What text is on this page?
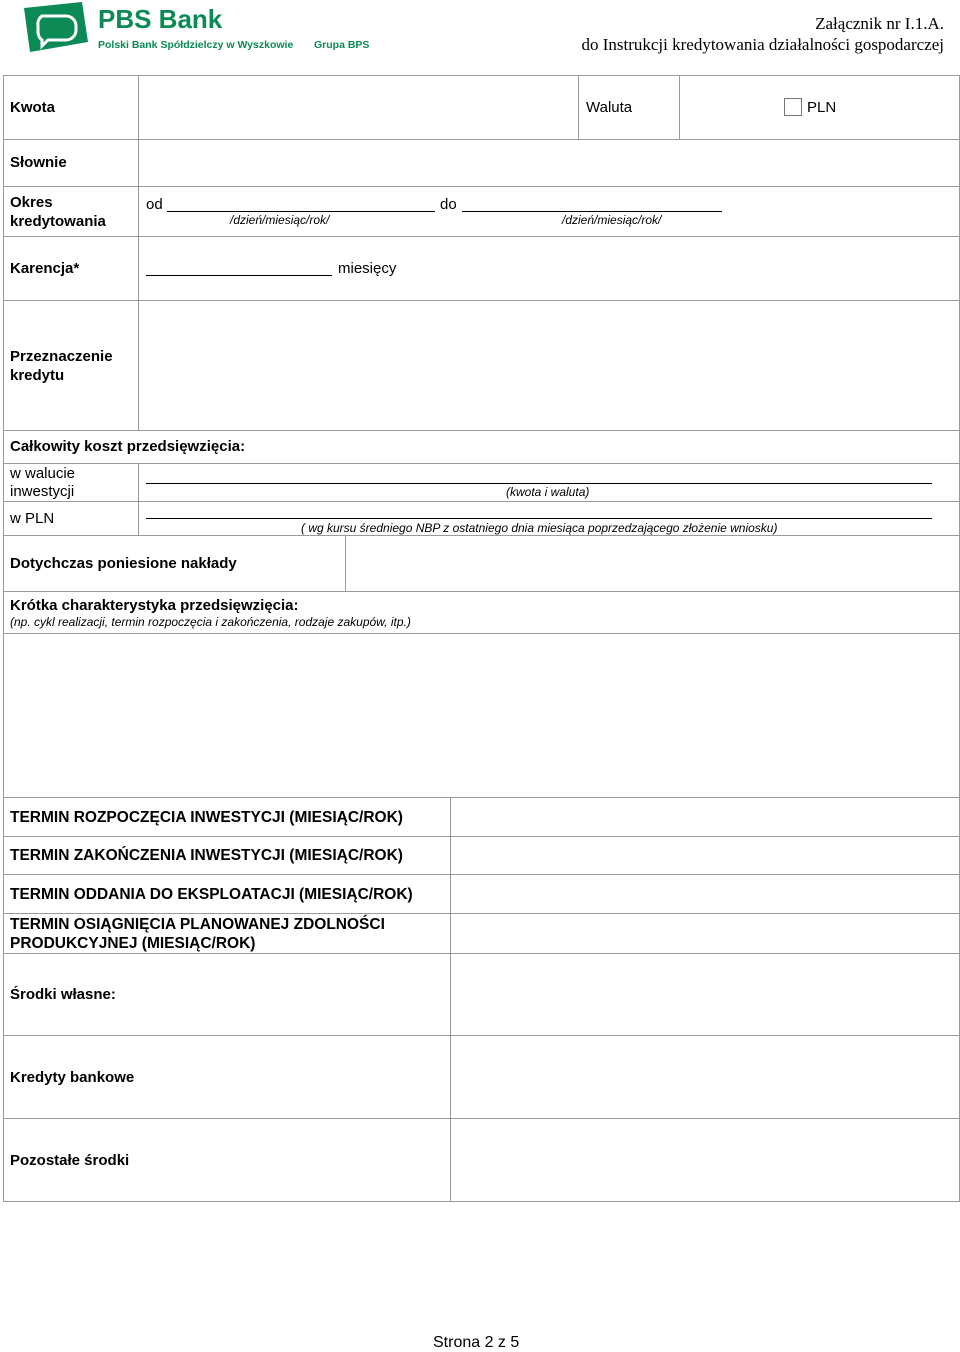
PBS Bank
Polski Bank Spółdzielczy w Wyszkowie Grupa BPS
Załącznik nr I.1.A.
do Instrukcji kredytowania działalności gospodarczej
Kwota	Waluta	PLN
Słownie
Okres kredytowania
od
/dzień/miesiąc/rok/
do
/dzień/miesiąc/rok/
Karencja*	miesięcy
Przeznaczenie kredytu
Całkowity koszt przedsięwzięcia:
w walucie inwestycji	(kwota i waluta)
w PLN
( wg kursu średniego NBP z ostatniego dnia miesiąca poprzedzającego złożenie wniosku)
Dotychczas poniesione nakłady
Krótka charakterystyka przedsięwzięcia:
(np. cykl realizacji, termin rozpoczęcia i zakończenia, rodzaje zakupów, itp.)
TERMIN ROZPOCZĘCIA INWESTYCJI (MIESIĄC/ROK)
TERMIN ZAKOŃCZENIA INWESTYCJI (MIESIĄC/ROK)
TERMIN ODDANIA DO EKSPLOATACJI (MIESIĄC/ROK)
TERMIN OSIĄGNIĘCIA PLANOWANEJ ZDOLNOŚCI PRODUKCYJNEJ (MIESIĄC/ROK)
Środki własne:
Kredyty bankowe
Pozostałe środki
Strona 2 z 5
